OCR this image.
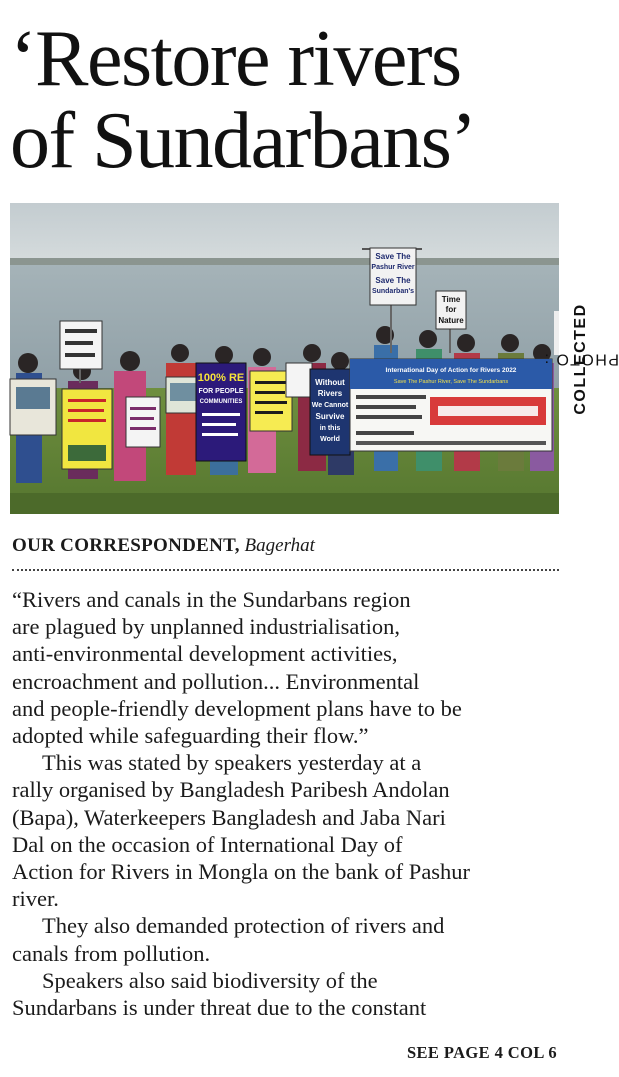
‘Restore rivers
of Sundarbans’
Save The
Pashur River
Save The
Sundarban's
Time
for
Nature
100% RE
FOR PEOPLE
COMMUNITIES
Without
Rivers
We Cannot
Survive
in this
World
International Day of Action for Rivers 2022
Save The Pashur River, Save The Sundarbans
PHOTO :
COLLECTED
OUR CORRESPONDENT, Bagerhat

“Rivers and canals in the Sundarbans region

are plagued by unplanned industrialisation,

anti-environmental development activities,

encroachment and pollution... Environmental

and people-friendly development plans have to be

adopted while safeguarding their flow.”

This was stated by speakers yesterday at a

rally organised by Bangladesh Paribesh Andolan

(Bapa), Waterkeepers Bangladesh and Jaba Nari

Dal on the occasion of International Day of

Action for Rivers in Mongla on the bank of Pashur

river.

They also demanded protection of rivers and

canals from pollution.

Speakers also said biodiversity of the

Sundarbans is under threat due to the constant

SEE PAGE 4 COL 6
